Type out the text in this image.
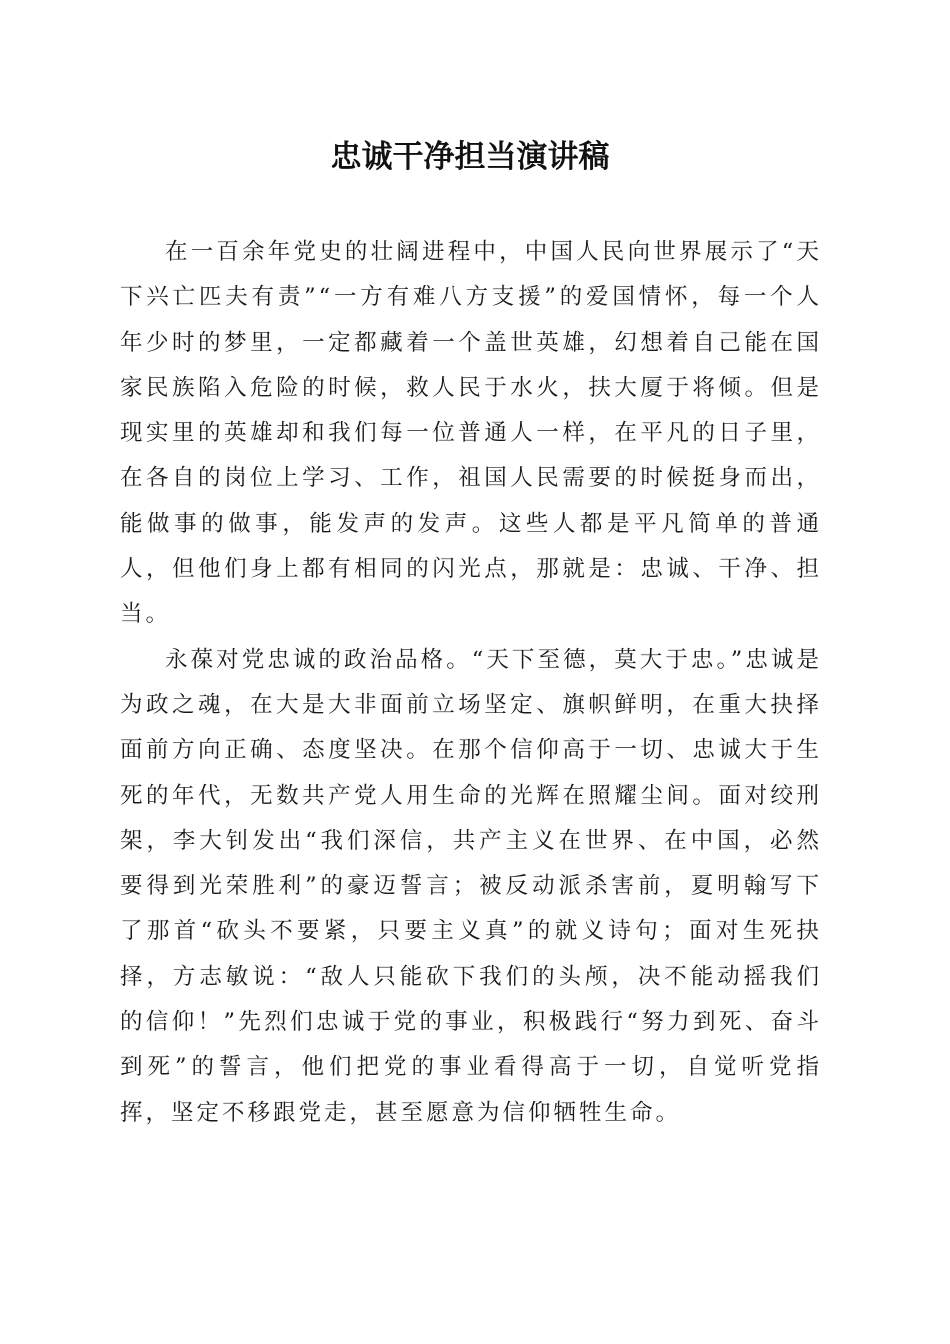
忠诚干净担当演讲稿

在一百余年党史的壮阔进程中，中国人民向世界展示了“天下兴亡匹夫有责”“一方有难八方支援”的爱国情怀，每一个人年少时的梦里，一定都藏着一个盖世英雄，幻想着自己能在国家民族陷入危险的时候，救人民于水火，扶大厦于将倾。但是现实里的英雄却和我们每一位普通人一样，在平凡的日子里，在各自的岗位上学习、工作，祖国人民需要的时候挺身而出，能做事的做事，能发声的发声。这些人都是平凡简单的普通人，但他们身上都有相同的闪光点，那就是：忠诚、干净、担当。

永葆对党忠诚的政治品格。“天下至德，莫大于忠。”忠诚是为政之魂，在大是大非面前立场坚定、旗帜鲜明，在重大抉择面前方向正确、态度坚决。在那个信仰高于一切、忠诚大于生死的年代，无数共产党人用生命的光辉在照耀尘间。面对绞刑架，李大钊发出“我们深信，共产主义在世界、在中国，必然要得到光荣胜利”的豪迈誓言；被反动派杀害前，夏明翰写下了那首“砍头不要紧，只要主义真”的就义诗句；面对生死抉择，方志敏说：“敌人只能砍下我们的头颅，决不能动摇我们的信仰！”先烈们忠诚于党的事业，积极践行“努力到死、奋斗到死”的誓言，他们把党的事业看得高于一切，自觉听党指挥，坚定不移跟党走，甚至愿意为信仰牺牲生命。
